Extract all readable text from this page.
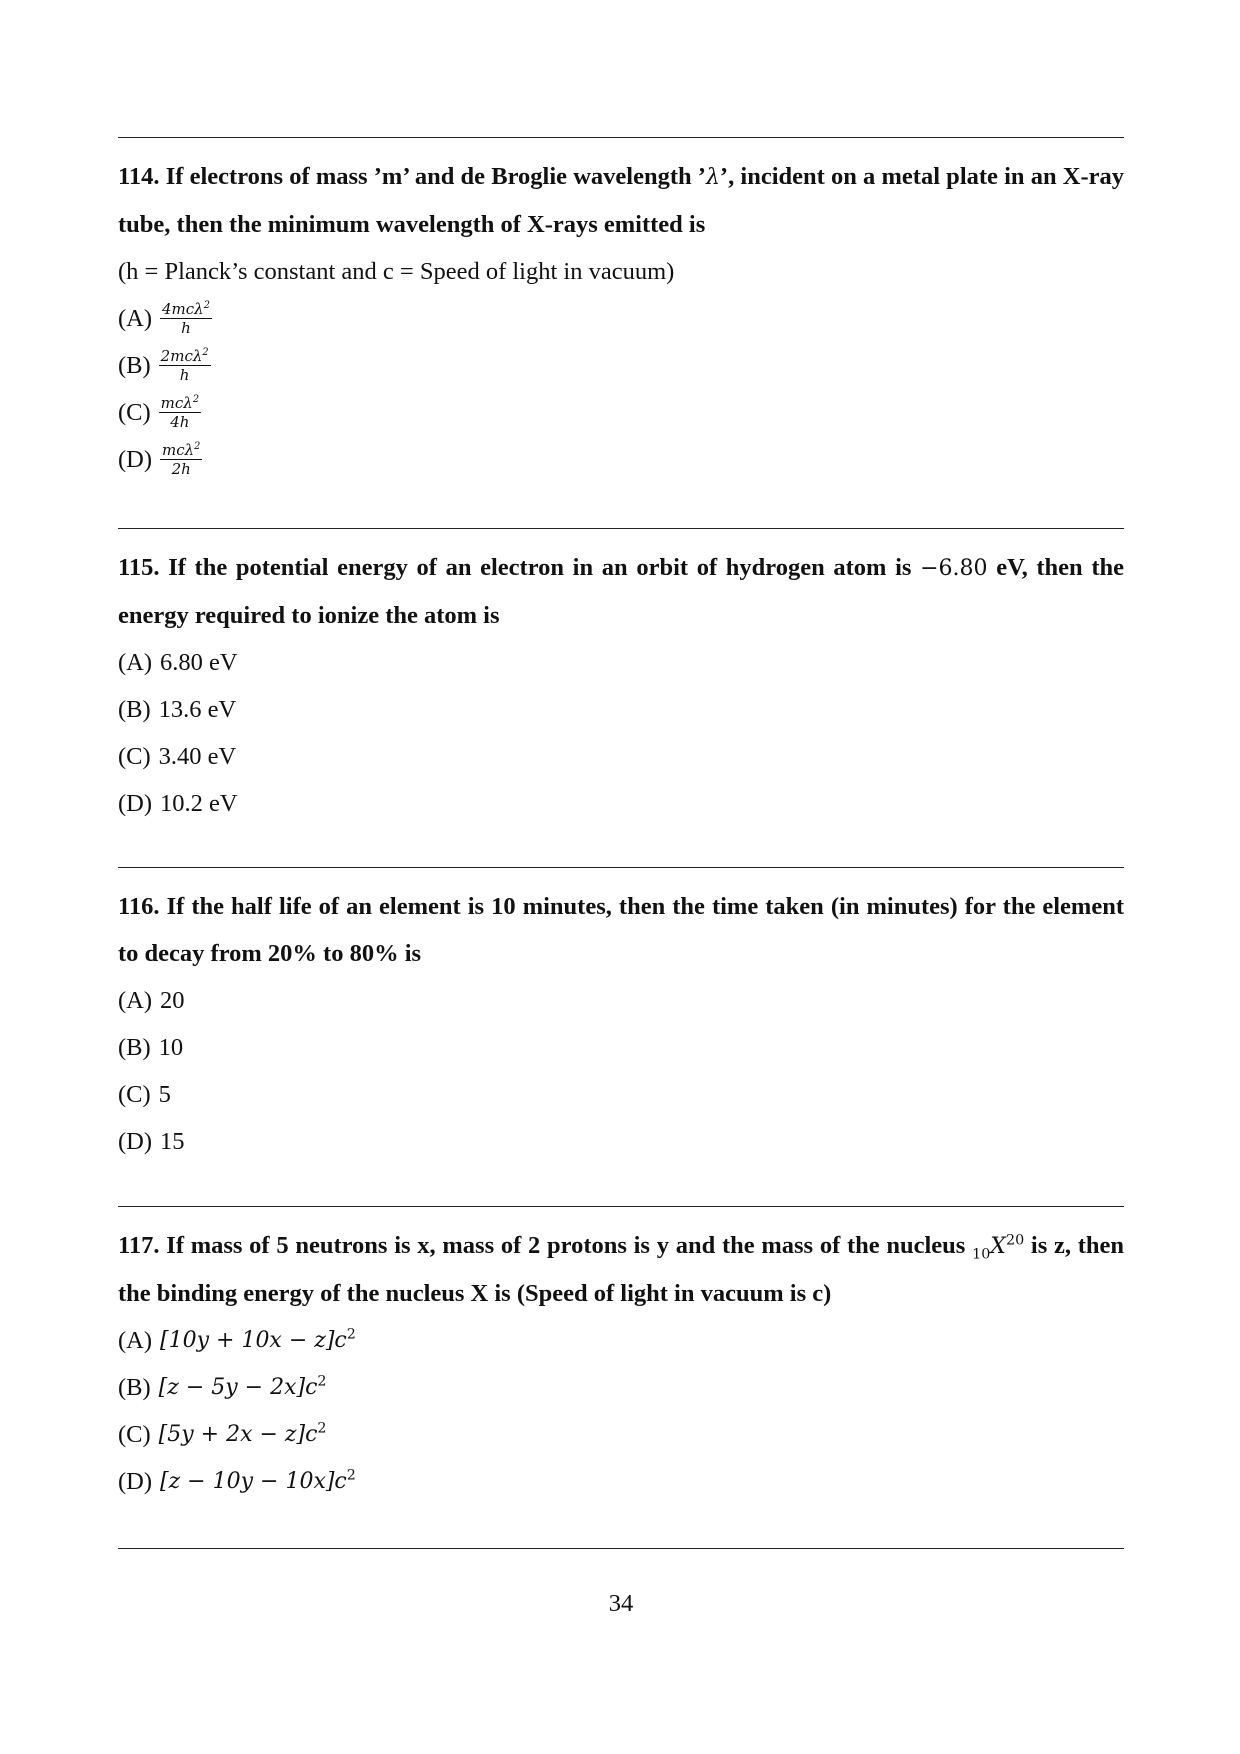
114. If electrons of mass ’m’ and de Broglie wavelength ’λ’, incident on a metal plate in an X-ray tube, then the minimum wavelength of X-rays emitted is

(h = Planck’s constant and c = Speed of light in vacuum)

$(A) \frac{4mc\lambda^2}{h}$
$(B) \frac{2mc\lambda^2}{h}$
$(C) \frac{mc\lambda^2}{4h}$
$(D) \frac{mc\lambda^2}{2h}$

115. If the potential energy of an electron in an orbit of hydrogen atom is −6.80 eV, then the energy required to ionize the atom is

(A) 6.80 eV
(B) 13.6 eV
(C) 3.40 eV
(D) 10.2 eV

116. If the half life of an element is 10 minutes, then the time taken (in minutes) for the element to decay from 20% to 80% is

(A) 20
(B) 10
(C) 5
(D) 15

117. If mass of 5 neutrons is x, mass of 2 protons is y and the mass of the nucleus $_{10}X^{20}$ is z, then the binding energy of the nucleus X is (Speed of light in vacuum is c)

(A) $[10y + 10x - z]c^2$
(B) $[z - 5y - 2x]c^2$
(C) $[5y + 2x - z]c^2$
(D) $[z - 10y - 10x]c^2$
34
